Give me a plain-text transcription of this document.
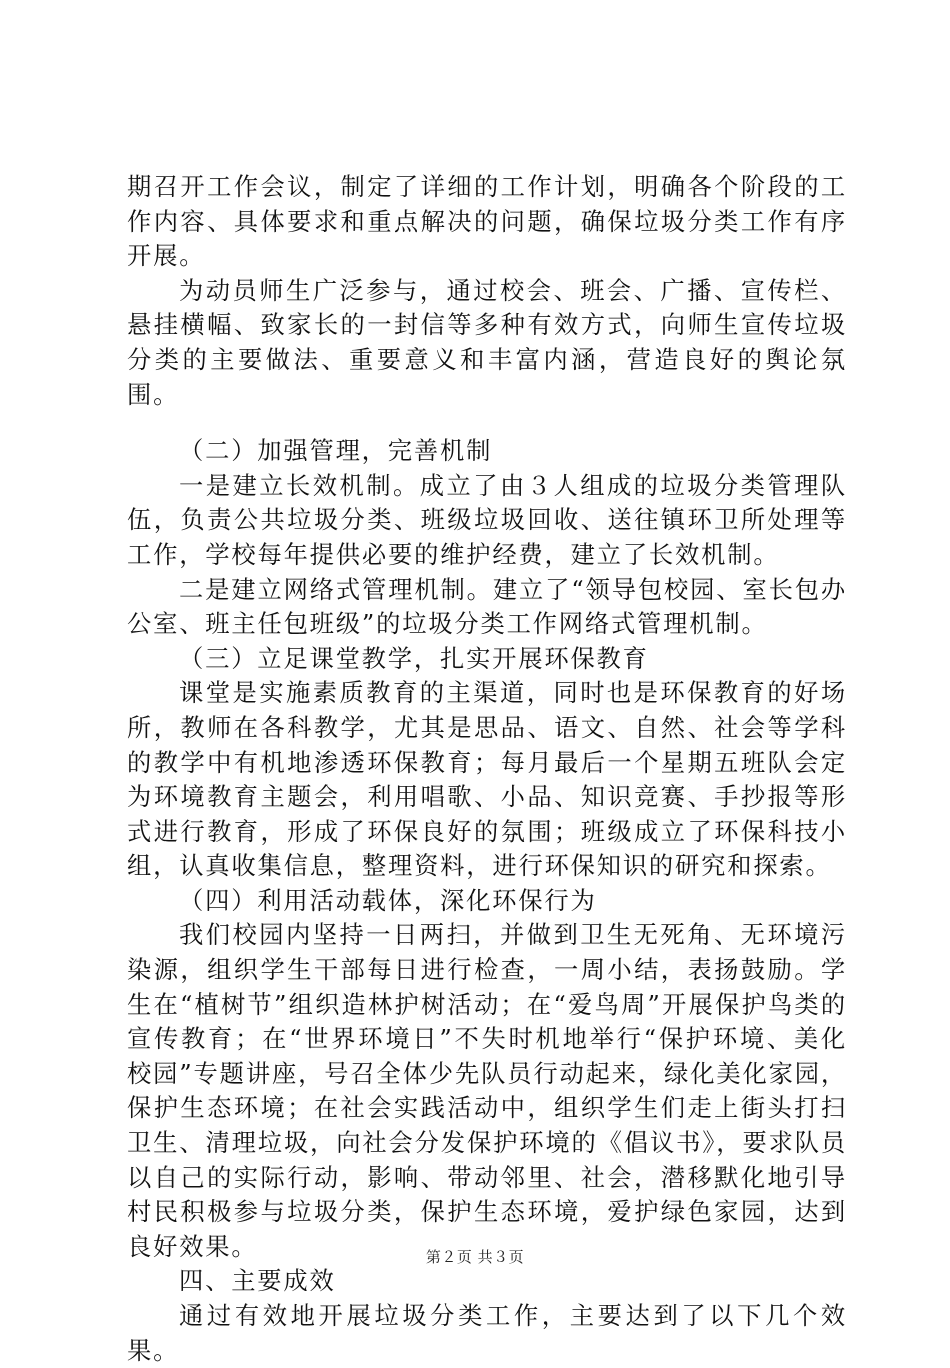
期召开工作会议，制定了详细的工作计划，明确各个阶段的工作内容、具体要求和重点解决的问题，确保垃圾分类工作有序开展。

为动员师生广泛参与，通过校会、班会、广播、宣传栏、悬挂横幅、致家长的一封信等多种有效方式，向师生宣传垃圾分类的主要做法、重要意义和丰富内涵，营造良好的舆论氛围。

（二）加强管理，完善机制

一是建立长效机制。成立了由３人组成的垃圾分类管理队伍，负责公共垃圾分类、班级垃圾回收、送往镇环卫所处理等工作，学校每年提供必要的维护经费，建立了长效机制。

二是建立网络式管理机制。建立了“领导包校园、室长包办公室、班主任包班级”的垃圾分类工作网络式管理机制。

（三）立足课堂教学，扎实开展环保教育

课堂是实施素质教育的主渠道，同时也是环保教育的好场所，教师在各科教学，尤其是思品、语文、自然、社会等学科的教学中有机地渗透环保教育；每月最后一个星期五班队会定为环境教育主题会，利用唱歌、小品、知识竞赛、手抄报等形式进行教育，形成了环保良好的氛围；班级成立了环保科技小组，认真收集信息，整理资料，进行环保知识的研究和探索。

（四）利用活动载体，深化环保行为

我们校园内坚持一日两扫，并做到卫生无死角、无环境污染源，组织学生干部每日进行检查，一周小结，表扬鼓励。学生在“植树节”组织造林护树活动；在“爱鸟周”开展保护鸟类的宣传教育；在“世界环境日”不失时机地举行“保护环境、美化校园”专题讲座，号召全体少先队员行动起来，绿化美化家园，保护生态环境；在社会实践活动中，组织学生们走上街头打扫卫生、清理垃圾，向社会分发保护环境的《倡议书》，要求队员以自己的实际行动，影响、带动邻里、社会，潜移默化地引导村民积极参与垃圾分类，保护生态环境，爱护绿色家园，达到良好效果。

四、主要成效

通过有效地开展垃圾分类工作，主要达到了以下几个效果。

第２页 共３页
